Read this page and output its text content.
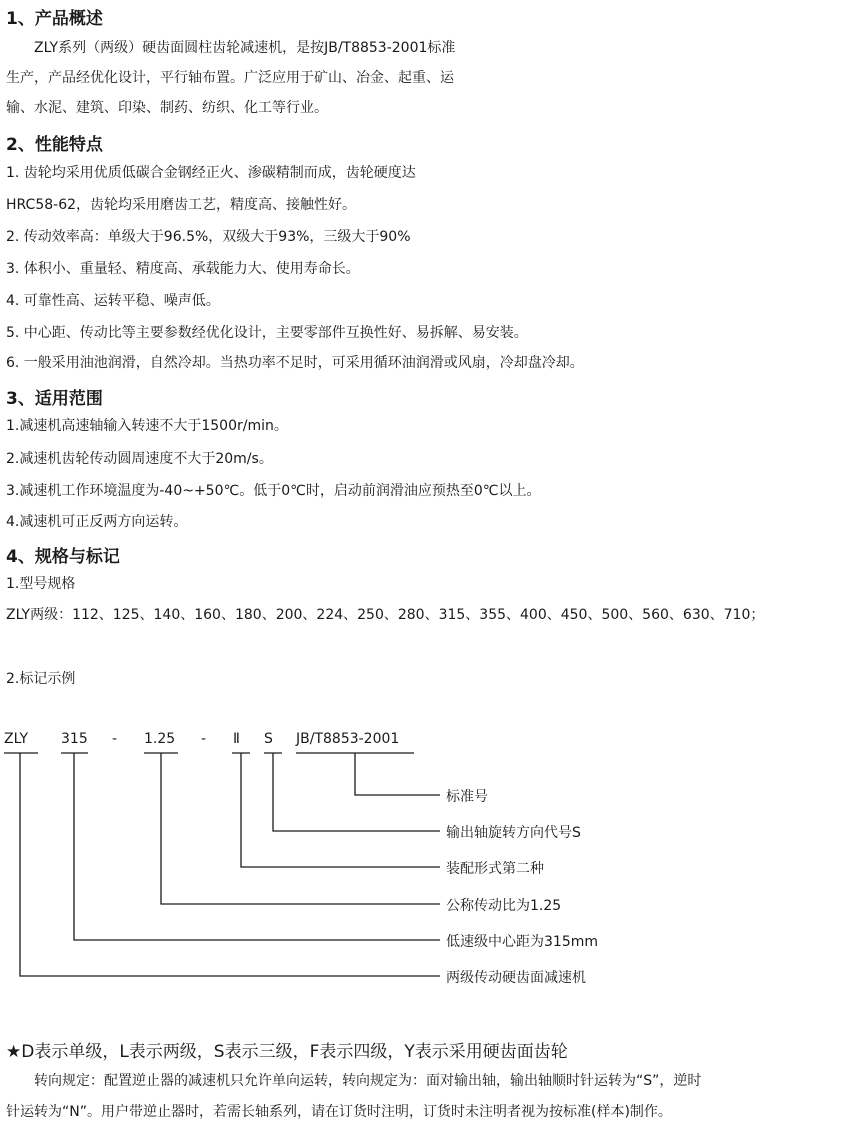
1、产品概述
ZLY系列（两级）硬齿面圆柱齿轮减速机，是按JB/T8853-2001标准
生产，产品经优化设计，平行轴布置。广泛应用于矿山、冶金、起重、运
输、水泥、建筑、印染、制药、纺织、化工等行业。
2、性能特点
1. 齿轮均采用优质低碳合金钢经正火、渗碳精制而成，齿轮硬度达
HRC58-62，齿轮均采用磨齿工艺，精度高、接触性好。
2. 传动效率高：单级大于96.5%，双级大于93%，三级大于90%
3. 体积小、重量轻、精度高、承载能力大、使用寿命长。
4. 可靠性高、运转平稳、噪声低。
5. 中心距、传动比等主要参数经优化设计，主要零部件互换性好、易拆解、易安装。
6. 一般采用油池润滑，自然冷却。当热功率不足时，可采用循环油润滑或风扇，冷却盘冷却。
3、适用范围
1.减速机高速轴输入转速不大于1500r/min。
2.减速机齿轮传动圆周速度不大于20m/s。
3.减速机工作环境温度为-40~+50℃。低于0℃时，启动前润滑油应预热至0℃以上。
4.减速机可正反两方向运转。
4、规格与标记
1.型号规格
ZLY两级：112、125、140、160、180、200、224、250、280、315、355、400、450、500、560、630、710；
2.标记示例
ZLY 315 - 1.25 - Ⅱ S JB/T8853-2001
标准号
输出轴旋转方向代号S
装配形式第二种
公称传动比为1.25
低速级中心距为315mm
两级传动硬齿面减速机
★D表示单级，L表示两级，S表示三级，F表示四级，Y表示采用硬齿面齿轮
转向规定：配置逆止器的减速机只允许单向运转，转向规定为：面对输出轴，输出轴顺时针运转为“S”，逆时
针运转为“N”。用户带逆止器时，若需长轴系列，请在订货时注明，订货时未注明者视为按标准(样本)制作。
